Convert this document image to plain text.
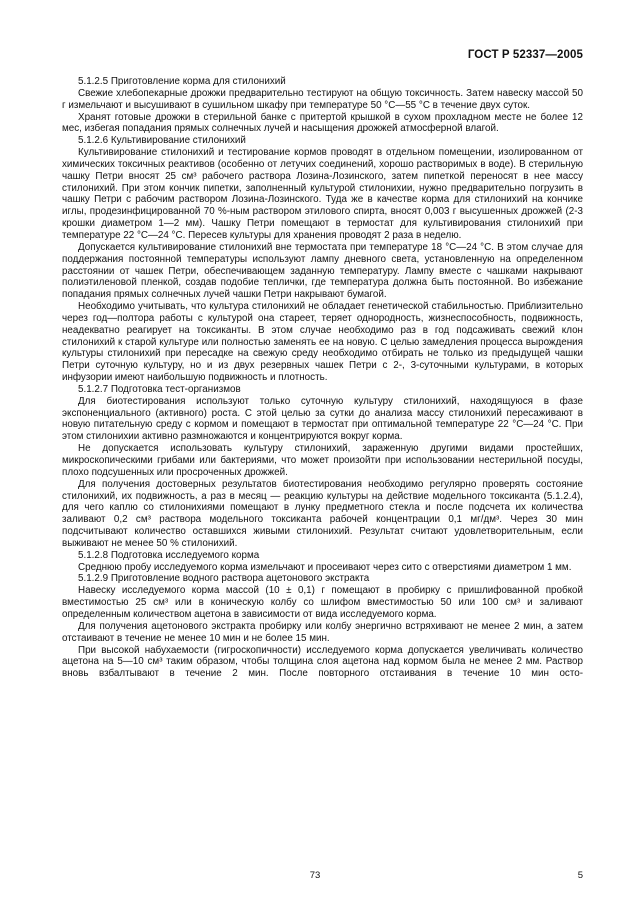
ГОСТ Р 52337—2005

5.1.2.5 Приготовление корма для стилонихий

Свежие хлебопекарные дрожжи предварительно тестируют на общую токсичность. Затем навеску массой 50 г измельчают и высушивают в сушильном шкафу при температуре 50 °С—55 °С в течение двух суток.

Хранят готовые дрожжи в стерильной банке с притертой крышкой в сухом прохладном месте не более 12 мес, избегая попадания прямых солнечных лучей и насыщения дрожжей атмосферной влагой.

5.1.2.6 Культивирование стилонихий

Культивирование стилонихий и тестирование кормов проводят в отдельном помещении, изолированном от химических токсичных реактивов (особенно от летучих соединений, хорошо растворимых в воде). В стерильную чашку Петри вносят 25 см³ рабочего раствора Лозина-Лозинского, затем пипеткой переносят в нее массу стилонихий. При этом кончик пипетки, заполненный культурой стилонихии, нужно предварительно погрузить в чашку Петри с рабочим раствором Лозина-Лозинского. Туда же в качестве корма для стилонихий на кончике иглы, продезинфицированной 70 %-ным раствором этилового спирта, вносят 0,003 г высушенных дрожжей (2-3 крошки диаметром 1—2 мм). Чашку Петри помещают в термостат для культивирования стилонихий при температуре 22 °С—24 °С. Пересев культуры для хранения проводят 2 раза в неделю.

Допускается культивирование стилонихий вне термостата при температуре 18 °С—24 °С. В этом случае для поддержания постоянной температуры используют лампу дневного света, установленную на определенном расстоянии от чашек Петри, обеспечивающем заданную температуру. Лампу вместе с чашками накрывают полиэтиленовой пленкой, создав подобие теплички, где температура должна быть постоянной. Во избежание попадания прямых солнечных лучей чашки Петри накрывают бумагой.

Необходимо учитывать, что культура стилонихий не обладает генетической стабильностью. Приблизительно через год—полтора работы с культурой она стареет, теряет однородность, жизнеспособность, подвижность, неадекватно реагирует на токсиканты. В этом случае необходимо раз в год подсаживать свежий клон стилонихий к старой культуре или полностью заменять ее на новую. С целью замедления процесса вырождения культуры стилонихий при пересадке на свежую среду необходимо отбирать не только из предыдущей чашки Петри суточную культуру, но и из двух резервных чашек Петри с 2-, 3-суточными культурами, в которых инфузории имеют наибольшую подвижность и плотность.

5.1.2.7 Подготовка тест-организмов

Для биотестирования используют только суточную культуру стилонихий, находящуюся в фазе экспоненциального (активного) роста. С этой целью за сутки до анализа массу стилонихий пересаживают в новую питательную среду с кормом и помещают в термостат при оптимальной температуре 22 °С—24 °С. При этом стилонихии активно размножаются и концентрируются вокруг корма.

Не допускается использовать культуру стилонихий, зараженную другими видами простейших, микроскопическими грибами или бактериями, что может произойти при использовании нестерильной посуды, плохо подсушенных или просроченных дрожжей.

Для получения достоверных результатов биотестирования необходимо регулярно проверять состояние стилонихий, их подвижность, а раз в месяц — реакцию культуры на действие модельного токсиканта (5.1.2.4), для чего каплю со стилонихиями помещают в лунку предметного стекла и после подсчета их количества заливают 0,2 см³ раствора модельного токсиканта рабочей концентрации 0,1 мг/дм³. Через 30 мин подсчитывают количество оставшихся живыми стилонихий. Результат считают удовлетворительным, если выживают не менее 50 % стилонихий.

5.1.2.8 Подготовка исследуемого корма

Среднюю пробу исследуемого корма измельчают и просеивают через сито с отверстиями диаметром 1 мм.

5.1.2.9 Приготовление водного раствора ацетонового экстракта

Навеску исследуемого корма массой (10 ± 0,1) г помещают в пробирку с пришлифованной пробкой вместимостью 25 см³ или в коническую колбу со шлифом вместимостью 50 или 100 см³ и заливают определенным количеством ацетона в зависимости от вида исследуемого корма.

Для получения ацетонового экстракта пробирку или колбу энергично встряхивают не менее 2 мин, а затем отстаивают в течение не менее 10 мин и не более 15 мин.

При высокой набухаемости (гигроскопичности) исследуемого корма допускается увеличивать количество ацетона на 5—10 см³ таким образом, чтобы толщина слоя ацетона над кормом была не менее 2 мм. Раствор вновь взбалтывают в течение 2 мин. После повторного отстаивания в течение 10 мин осто-

73	5
